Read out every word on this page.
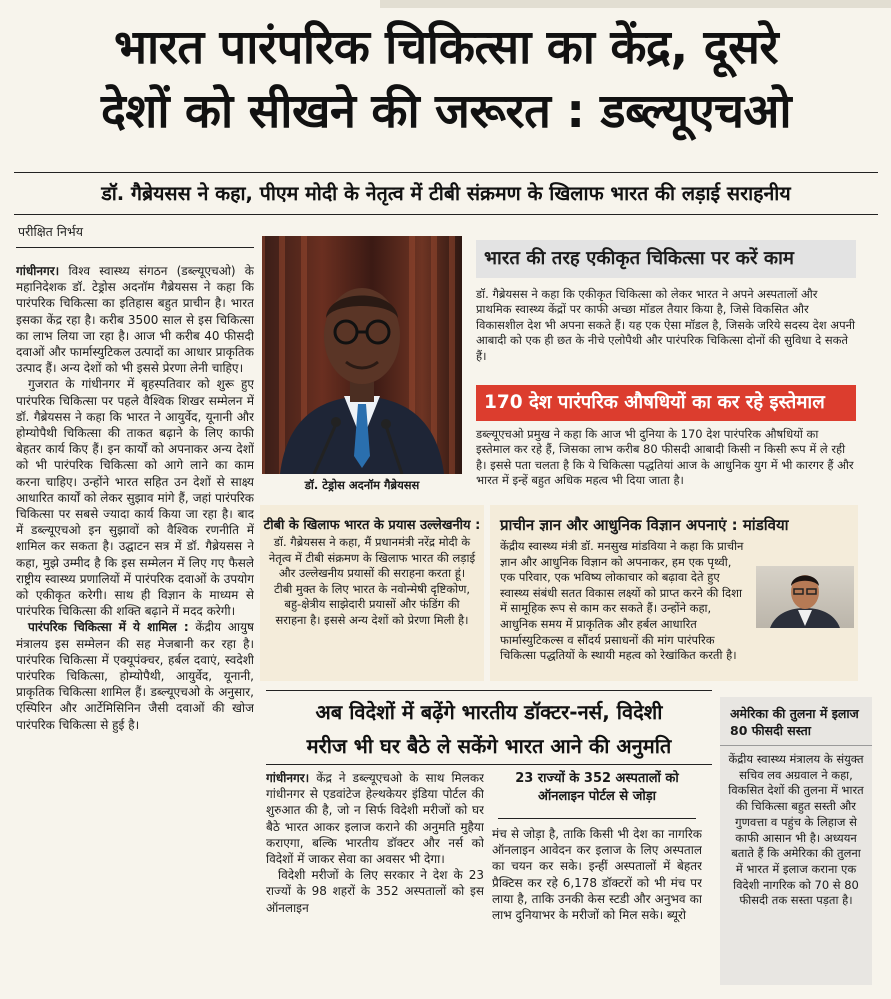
भारत पारंपरिक चिकित्सा का केंद्र, दूसरे
देशों को सीखने की जरूरत : डब्ल्यूएचओ
डॉ. गैब्रेयसस ने कहा, पीएम मोदी के नेतृत्व में टीबी संक्रमण के खिलाफ भारत की लड़ाई सराहनीय
परीक्षित निर्भय

गांधीनगर। विश्व स्वास्थ्य संगठन (डब्ल्यूएचओ) के महानिदेशक डॉ. टेड्रोस अदनॉम गैब्रेयसस ने कहा कि पारंपरिक चिकित्सा का इतिहास बहुत प्राचीन है। भारत इसका केंद्र रहा है। करीब 3500 साल से इस चिकित्सा का लाभ लिया जा रहा है। आज भी करीब 40 फीसदी दवाओं और फार्मास्युटिकल उत्पादों का आधार प्राकृतिक उत्पाद हैं। अन्य देशों को भी इससे प्रेरणा लेनी चाहिए।

गुजरात के गांधीनगर में बृहस्पतिवार को शुरू हुए पारंपरिक चिकित्सा पर पहले वैश्विक शिखर सम्मेलन में डॉ. गैब्रेयसस ने कहा कि भारत ने आयुर्वेद, यूनानी और होम्योपैथी चिकित्सा की ताकत बढ़ाने के लिए काफी बेहतर कार्य किए हैं। इन कार्यों को अपनाकर अन्य देशों को भी पारंपरिक चिकित्सा को आगे लाने का काम करना चाहिए। उन्होंने भारत सहित उन देशों से साक्ष्य आधारित कार्यों को लेकर सुझाव मांगे हैं, जहां पारंपरिक चिकित्सा पर सबसे ज्यादा कार्य किया जा रहा है। बाद में डब्ल्यूएचओ इन सुझावों को वैश्विक रणनीति में शामिल कर सकता है। उद्घाटन सत्र में डॉ. गैब्रेयसस ने कहा, मुझे उम्मीद है कि इस सम्मेलन में लिए गए फैसले राष्ट्रीय स्वास्थ्य प्रणालियों में पारंपरिक दवाओं के उपयोग को एकीकृत करेगी। साथ ही विज्ञान के माध्यम से पारंपरिक चिकित्सा की शक्ति बढ़ाने में मदद करेगी।

पारंपरिक चिकित्सा में ये शामिल : केंद्रीय आयुष मंत्रालय इस सम्मेलन की सह मेजबानी कर रहा है। पारंपरिक चिकित्सा में एक्यूपंक्चर, हर्बल दवाएं, स्वदेशी पारंपरिक चिकित्सा, होम्योपैथी, आयुर्वेद, यूनानी, प्राकृतिक चिकित्सा शामिल हैं। डब्ल्यूएचओ के अनुसार, एस्पिरिन और आर्टेमिसिनिन जैसी दवाओं की खोज पारंपरिक चिकित्सा से हुई है।

डॉ. टेड्रोस अदनॉम गैब्रेयसस
भारत की तरह एकीकृत चिकित्सा पर करें काम
डॉ. गैब्रेयसस ने कहा कि एकीकृत चिकित्सा को लेकर भारत ने अपने अस्पतालों और प्राथमिक स्वास्थ्य केंद्रों पर काफी अच्छा मॉडल तैयार किया है, जिसे विकसित और विकासशील देश भी अपना सकते हैं। यह एक ऐसा मॉडल है, जिसके जरिये सदस्य देश अपनी आबादी को एक ही छत के नीचे एलोपैथी और पारंपरिक चिकित्सा दोनों की सुविधा दे सकते हैं।
170 देश पारंपरिक औषधियों का कर रहे इस्तेमाल
डब्ल्यूएचओ प्रमुख ने कहा कि आज भी दुनिया के 170 देश पारंपरिक औषधियों का इस्तेमाल कर रहे हैं, जिसका लाभ करीब 80 फीसदी आबादी किसी न किसी रूप में ले रही है। इससे पता चलता है कि ये चिकित्सा पद्धतियां आज के आधुनिक युग में भी कारगर हैं और भारत में इन्हें बहुत अधिक महत्व भी दिया जाता है।
टीबी के खिलाफ भारत के प्रयास उल्लेखनीय :
डॉ. गैब्रेयसस ने कहा, मैं प्रधानमंत्री नरेंद्र मोदी के नेतृत्व में टीबी संक्रमण के खिलाफ भारत की लड़ाई और उल्लेखनीय प्रयासों की सराहना करता हूं। टीबी मुक्त के लिए भारत के नवोन्मेषी दृष्टिकोण, बहु-क्षेत्रीय साझेदारी प्रयासों और फंडिंग की सराहना है। इससे अन्य देशों को प्रेरणा मिली है।
प्राचीन ज्ञान और आधुनिक विज्ञान अपनाएं : मांडविया
केंद्रीय स्वास्थ्य मंत्री डॉ. मनसुख मांडविया ने कहा कि प्राचीन ज्ञान और आधुनिक विज्ञान को अपनाकर, हम एक पृथ्वी, एक परिवार, एक भविष्य लोकाचार को बढ़ावा देते हुए स्वास्थ्य संबंधी सतत विकास लक्ष्यों को प्राप्त करने की दिशा में सामूहिक रूप से काम कर सकते हैं। उन्होंने कहा, आधुनिक समय में प्राकृतिक और हर्बल आधारित फार्मास्युटिकल्स व सौंदर्य प्रसाधनों की मांग पारंपरिक चिकित्सा पद्धतियों के स्थायी महत्व को रेखांकित करती है।
अब विदेशों में बढ़ेंगे भारतीय डॉक्टर-नर्स, विदेशी
मरीज भी घर बैठे ले सकेंगे भारत आने की अनुमति

गांधीनगर। केंद्र ने डब्ल्यूएचओ के साथ मिलकर गांधीनगर से एडवांटेज हेल्थकेयर इंडिया पोर्टल की शुरुआत की है, जो न सिर्फ विदेशी मरीजों को घर बैठे भारत आकर इलाज कराने की अनुमति मुहैया कराएगा, बल्कि भारतीय डॉक्टर और नर्स को विदेशों में जाकर सेवा का अवसर भी देगा।

विदेशी मरीजों के लिए सरकार ने देश के 23 राज्यों के 98 शहरों के 352 अस्पतालों को इस ऑनलाइन

23 राज्यों के 352 अस्पतालों को ऑनलाइन पोर्टल से जोड़ा

मंच से जोड़ा है, ताकि किसी भी देश का नागरिक ऑनलाइन आवेदन कर इलाज के लिए अस्पताल का चयन कर सके। इन्हीं अस्पतालों में बेहतर प्रैक्टिस कर रहे 6,178 डॉक्टरों को भी मंच पर लाया है, ताकि उनकी केस स्टडी और अनुभव का लाभ दुनियाभर के मरीजों को मिल सके। ब्यूरो

अमेरिका की तुलना में इलाज 80 फीसदी सस्ता
केंद्रीय स्वास्थ्य मंत्रालय के संयुक्त सचिव लव अग्रवाल ने कहा, विकसित देशों की तुलना में भारत की चिकित्सा बहुत सस्ती और गुणवत्ता व पहुंच के लिहाज से काफी आसान भी है। अध्ययन बताते हैं कि अमेरिका की तुलना में भारत में इलाज कराना एक विदेशी नागरिक को 70 से 80 फीसदी तक सस्ता पड़ता है।
